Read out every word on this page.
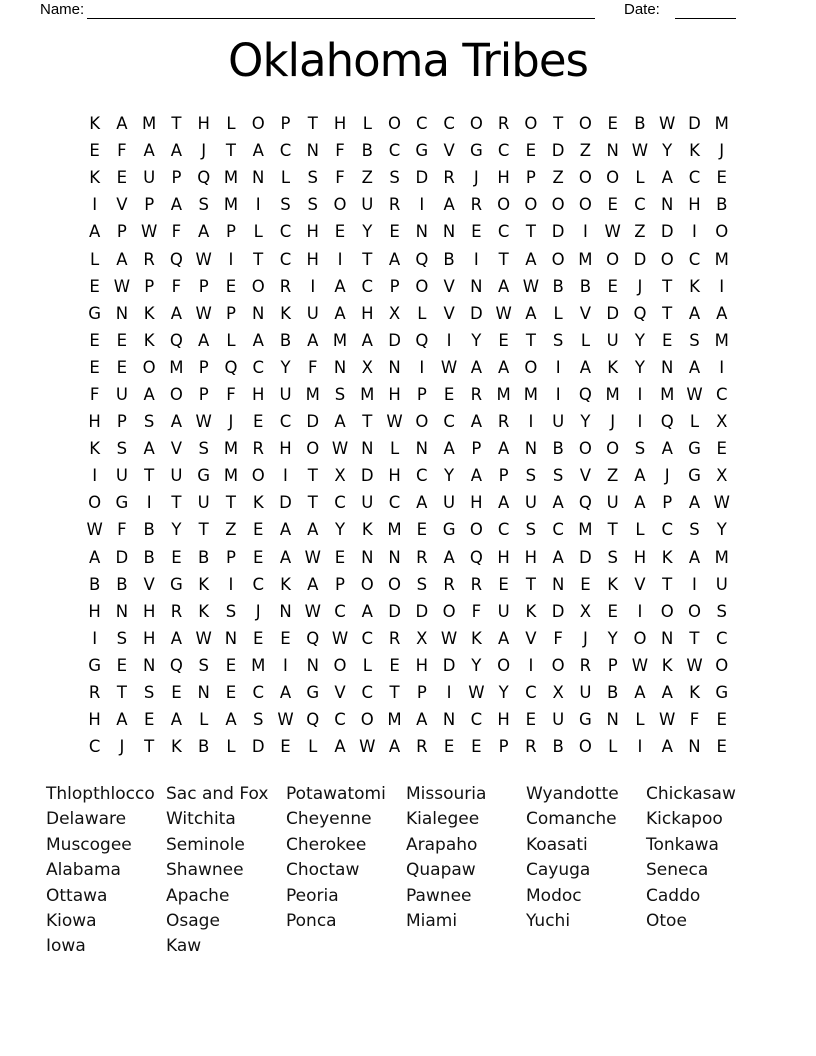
Name:	Date:
Oklahoma Tribes
K A M T H L O P	T H L O C C O R O T O E B W D M
E	F	A A	J	T	A C N F	B C G V G C E D Z N W Y	K	J
K	E U P Q M N	L	S	F	Z S D R	J	H P	Z O O L	A C E
I	V	P	A S M	I	S	S O U R	I	A R O O O O E C N H B
A	P W F	A	P	L	C H E	Y	E N N E C T D	I	W Z D	I	O
L	A R Q W	I	T C H	I	T	A Q B	I	T	A O M O D O C M
E W P	F	P	E O R	I	A C	P O V N A W B B E	J	T	K	I
G N K A W P N K U A H X	L	V D W A	L	V D Q T	A A
E	E	K Q A	L	A B A M A D Q	I	Y	E	T	S	L	U Y	E	S M
E	E O M P Q C Y	F N X N	I	W A A O	I	A K	Y N A	I
F U A O P	F H U M S M H P	E R M M	I	Q M	I	M W C
H P	S A W	J	E C D A	T W O C A R	I	U Y	J	I	Q L	X
K	S A V S M R H O W N	L N A	P	A N B O O S A G E
I	U T U G M O	I	T	X D H C Y	A	P	S	S V Z A	J	G X
O G	I	T U T	K D T C U C A U H A U A Q U A	P	A W
W F	B	Y	T	Z E A A	Y	K M E G O C S C M T	L	C S	Y
A D B E B	P	E A W E N N R A Q H H A D S H K A M
B B V G K	I	C K A	P O O S R R E	T N E	K V	T	I	U
H N H R K	S	J	N W C A D D O F U K D X E	I	O O S
I	S H A W N E	E Q W C R X W K A V	F	J	Y O N T C
G E N Q S	E M	I	N O L	E H D Y O	I	O R	P W K W O
R T	S	E N E C A G V C T	P	I	W Y C X U B A A K G
H A E A	L	A S W Q C O M A N C H E U G N	L W F	E
C	J	T	K B	L D E	L	A W A R E	E	P	R B O L	I	A N E
Thlopthlocco
Delaware
Muscogee
Alabama
Ottawa
Kiowa
Iowa
Sac and Fox
Witchita
Seminole
Shawnee
Apache
Osage
Kaw
Potawatomi
Cheyenne
Cherokee
Choctaw
Peoria
Ponca
Missouria
Kialegee
Arapaho
Quapaw
Pawnee
Miami
Wyandotte
Comanche
Koasati
Cayuga
Modoc
Yuchi
Chickasaw
Kickapoo
Tonkawa
Seneca
Caddo
Otoe
